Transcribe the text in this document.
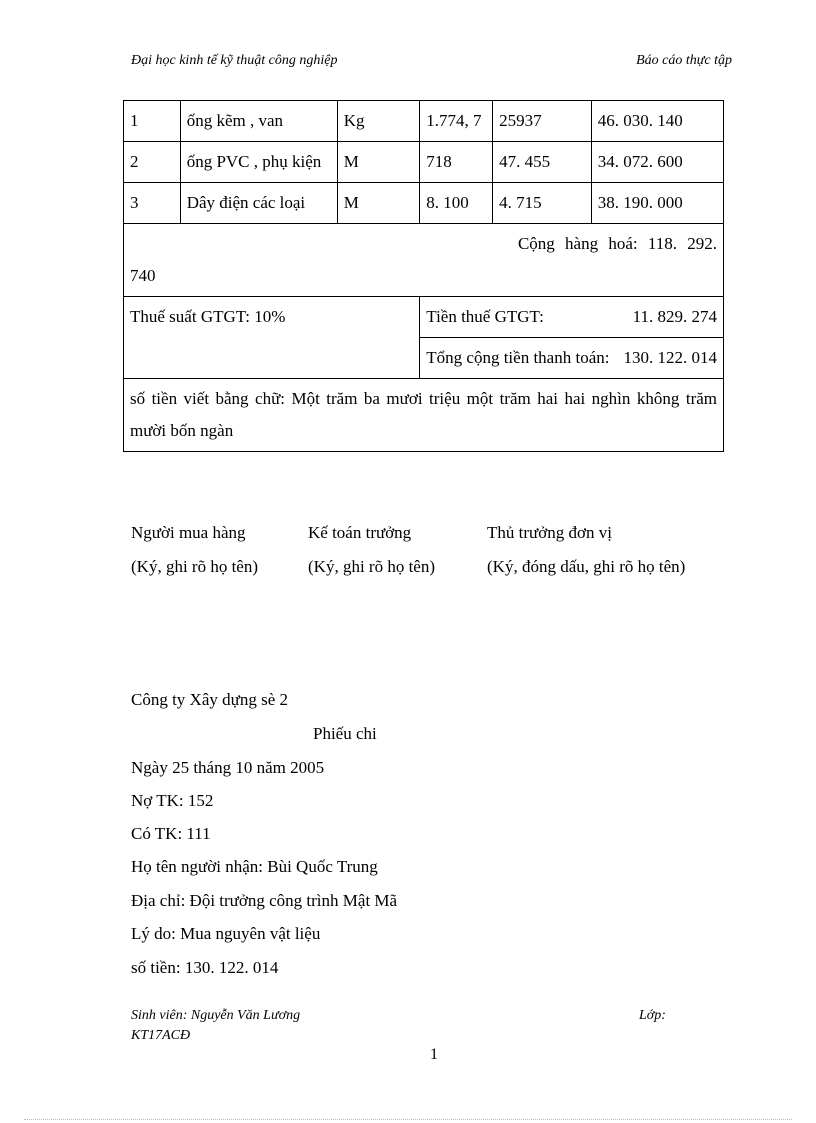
Đại học kinh tế kỹ thuật công nghiệp	Báo cáo thực tập
1	ống kẽm , van	Kg	1.774, 7	25937	46. 030. 140
2	ống PVC , phụ kiện	M	718	47. 455	34. 072. 600
3	Dây điện các loại	M	8. 100	4. 715	38. 190. 000

Cộng hàng hoá: 118. 292.
740					

Thuế suất GTGT: 10%			Tiền thuế GTGT: 11. 829. 274		

			Tổng cộng tiền thanh toán: 130. 122. 014		

số tiền viết bằng chữ: Một trăm ba mươi triệu một trăm hai hai nghìn không trăm mười bốn ngàn					
Người mua hàng
(Ký, ghi rõ họ tên)
Kế toán trưởng
(Ký, ghi rõ họ tên)
Thủ trưởng đơn vị
(Ký, đóng dấu, ghi rõ họ tên)
Công ty Xây dựng sè 2
Phiếu chi
Ngày 25 tháng 10 năm 2005
Nợ TK: 152
Có TK: 111
Họ tên người nhận: Bùi Quốc Trung
Địa chỉ: Đội trưởng công trình Mật Mã
Lý do: Mua nguyên vật liệu
số tiền: 130. 122. 014
Sinh viên: Nguyễn Văn Lương	Lớp:
KT17ACĐ
1
